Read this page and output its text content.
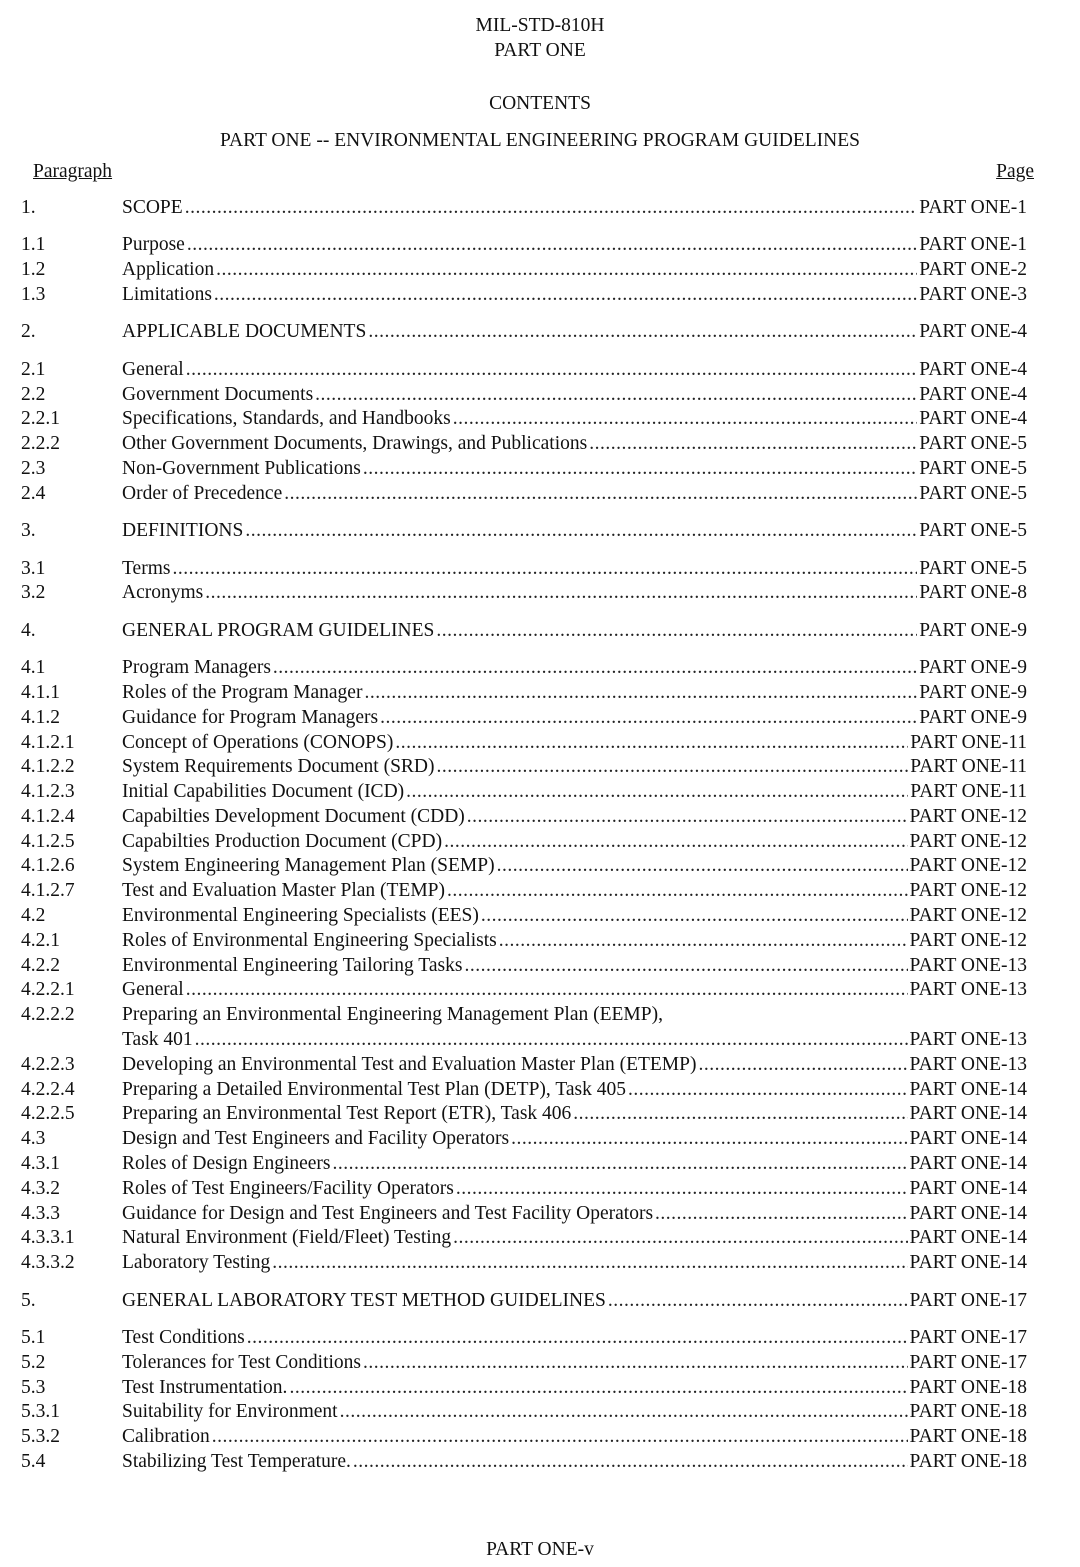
MIL-STD-810H
PART ONE
CONTENTS
PART ONE -- ENVIRONMENTAL ENGINEERING PROGRAM GUIDELINES
Paragraph	Page
1.	SCOPE .....	PART ONE-1
1.1	Purpose .....	PART ONE-1
1.2	Application .....	PART ONE-2
1.3	Limitations .....	PART ONE-3
2.	APPLICABLE DOCUMENTS .....	PART ONE-4
2.1	General .....	PART ONE-4
2.2	Government Documents .....	PART ONE-4
2.2.1	Specifications, Standards, and Handbooks .....	PART ONE-4
2.2.2	Other Government Documents, Drawings, and Publications .....	PART ONE-5
2.3	Non-Government Publications .....	PART ONE-5
2.4	Order of Precedence .....	PART ONE-5
3.	DEFINITIONS .....	PART ONE-5
3.1	Terms .....	PART ONE-5
3.2	Acronyms .....	PART ONE-8
4.	GENERAL PROGRAM GUIDELINES .....	PART ONE-9
4.1	Program Managers .....	PART ONE-9
4.1.1	Roles of the Program Manager .....	PART ONE-9
4.1.2	Guidance for Program Managers .....	PART ONE-9
4.1.2.1 Concept of Operations (CONOPS) .....	PART ONE-11
4.1.2.2 System Requirements Document (SRD) .....	PART ONE-11
4.1.2.3 Initial Capabilities Document (ICD) .....	PART ONE-11
4.1.2.4 Capabilties Development Document (CDD) .....	PART ONE-12
4.1.2.5 Capabilties Production Document (CPD) .....	PART ONE-12
4.1.2.6 System Engineering Management Plan (SEMP) .....	PART ONE-12
4.1.2.7 Test and Evaluation Master Plan (TEMP) .....	PART ONE-12
4.2	Environmental Engineering Specialists (EES) .....	PART ONE-12
4.2.1	Roles of Environmental Engineering Specialists .....	PART ONE-12
4.2.2	Environmental Engineering Tailoring Tasks .....	PART ONE-13
4.2.2.1 General .....	PART ONE-13
4.2.2.2 Preparing an Environmental Engineering Management Plan (EEMP),
Task 401 .....	PART ONE-13
4.2.2.3 Developing an Environmental Test and Evaluation Master Plan (ETEMP) .....	PART ONE-13
4.2.2.4 Preparing a Detailed Environmental Test Plan (DETP), Task 405 .....	PART ONE-14
4.2.2.5 Preparing an Environmental Test Report (ETR), Task 406 .....	PART ONE-14
4.3	Design and Test Engineers and Facility Operators .....	PART ONE-14
4.3.1	Roles of Design Engineers .....	PART ONE-14
4.3.2	Roles of Test Engineers/Facility Operators .....	PART ONE-14
4.3.3	Guidance for Design and Test Engineers and Test Facility Operators .....	PART ONE-14
4.3.3.1 Natural Environment (Field/Fleet) Testing .....	PART ONE-14
4.3.3.2 Laboratory Testing .....	PART ONE-14
5.	GENERAL LABORATORY TEST METHOD GUIDELINES .....	PART ONE-17
5.1	Test Conditions .....	PART ONE-17
5.2	Tolerances for Test Conditions .....	PART ONE-17
5.3	Test Instrumentation. .....	PART ONE-18
5.3.1	Suitability for Environment .....	PART ONE-18
5.3.2	Calibration .....	PART ONE-18
5.4	Stabilizing Test Temperature. .....	PART ONE-18
PART ONE-v
